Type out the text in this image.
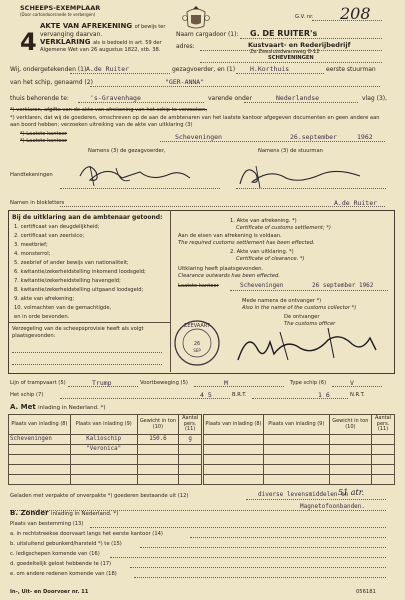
SCHEEPS-EXEMPLAAR
(Door cartondoorsnede te verbergen)
4
AKTE VAN AFREKENING of bewijs ter
vervanging daarvan.
VERKLARING als is bedoeld in art. 59 der
Algemene Wet van 26 augustus 1822, stb. 38.
G.V. nr. 208
Naam cargadoor (1): G. DE RUITER's
adres:	Kustvaart- en Rederijbedrijf
Ze Zeesluisdwarsweg 8-12
SCHEVENINGEN
Wij, ondergetekenden (1) A.de Ruiter	gezagvoerder, en (1) H.Korthuis	eerste stuurman
van het schip, genaamd (2)	"GER-ANNA"
thuis behorende te:	's-Gravenhage	varende onder	Nederlandse	vlag (3),
*) verklaren, afgifte van de akte van afrekening van het schip te verzoeken,
*) verklaren, dat wij de goederen, omschreven op de aan de ambtenaren van het laatste kantoor afgegeven documenten en geen andere aan
aan boord hebben; verzoeken uitreiking van de akte van uitklaring (3)
*) Laatste kantoor
*) Laatste kantoor	Scheveningen	26.september	1962
Namens (3) de gezagvoerder,	Namens (3) de stuurman
Handtekeningen
Namen in blokletters	A.de Ruiter
Bij de uitklaring aan de ambtenaar getoond:
1. certificaat van deugdelijkheid;
2. certificaat van zeerisico;
3. meetbrief;
4. monsterrol;
5. zeebrief of ander bewijs van nationaliteit;
6. kwitantie/zekerheidstelling inkomend loodsgeld;
7. kwitantie/zekerheidstelling havengeld;
8. kwitantie/zekerheidstelling uitgaand loodsgeld;
9. akte van afrekening;
10. volmachten van de gemachtigde,
en in orde bevonden.
Verzegeling van de scheepsprovisie heeft als volgt
plaatsgevonden:
1. Akte van afrekening. *)
Certificate of customs settlement; *)
Aan de eisen van afrekening is voldaan.
The required customs settlement has been effected.
2. Akte van uitklaring. *)
Certificate of clearance. *)
Uitklaring heeft plaatsgevonden.
Clearance outwards has been effected.
Laatste kantoor	Scheveningen	26 september 1962
Mede namens de ontvanger *)
Also in the name of the customs collector *)
De ontvanger
The customs officer
ZEEVAART
26
SEP
Lijn of trampvaart (5)	Trump	Voortbeweging (5)	M	Type schip (6)	V
Het schip (7)	4 5	B.R.T.	1 6	N.R.T.
A. Met inlading in Nederland. *)
Plaats van inlading (8)	Plaats van inlading (9)	Gewicht in ton (10)	Aantal pers. (11)
Scheveningen	Kalioschip	150.6	g
	"Veronica"		

Plaats van inlading (8)	Plaats van inlading (9)	Gewicht in ton (10)	Aantal pers. (11)

Geladen met verpakte of onverpakte *) goederen bestaande uit (12)	diverse levensmiddelen en
51 atr.
Magnetofoonbanden.
B. Zonder inlading in Nederland. *)
Plaats van bestemming (13)
a. in rechtstreekse doorvaart langs het eerste kantoor (14)
b. uitsluitend gebunkerd/harsteld *) te (15)
c. ledigschepen komende van (16)
d. goedeltelijk gelost hebbende te (17)
e. om andere redenen komende van (18)
In-, Uit- en Doorvoer nr. 11	056181
